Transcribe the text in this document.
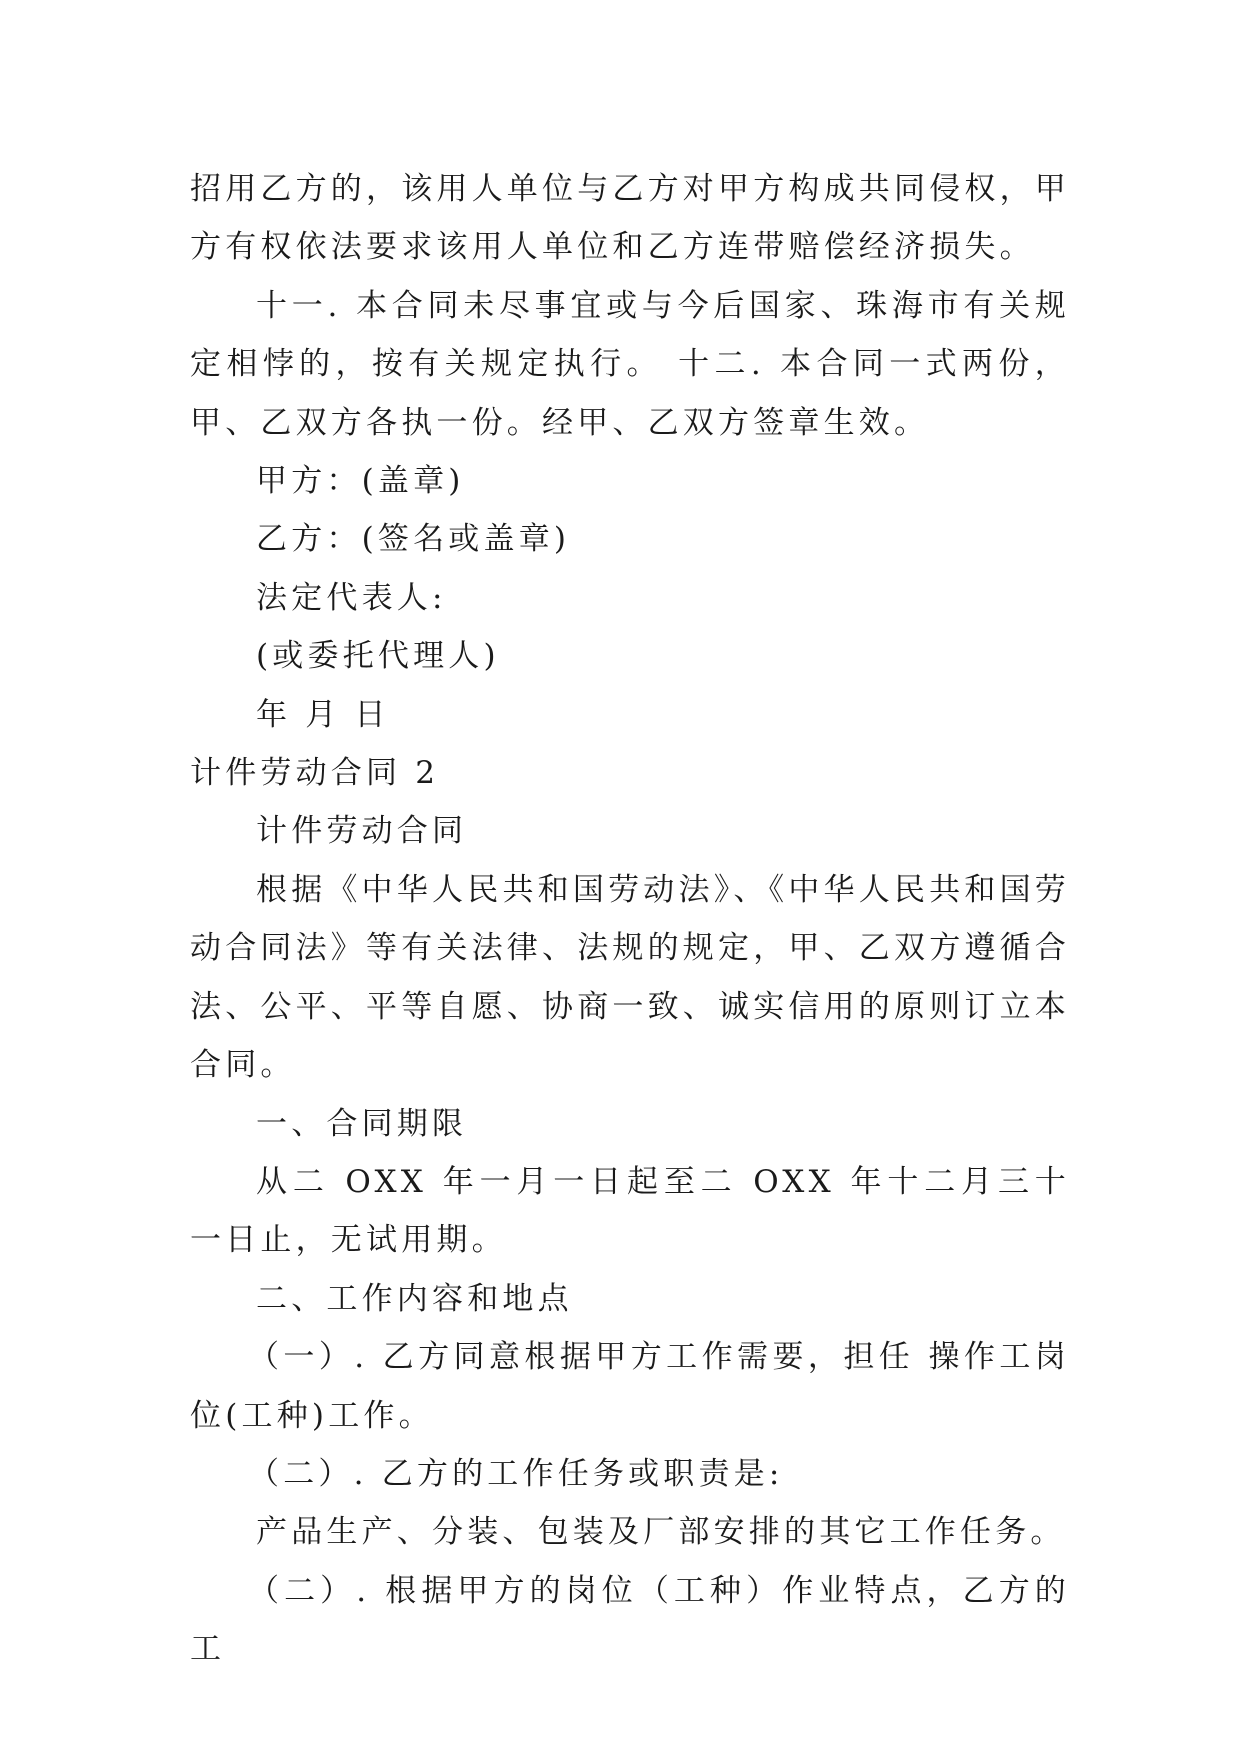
招用乙方的，该用人单位与乙方对甲方构成共同侵权，甲方有权依法要求该用人单位和乙方连带赔偿经济损失。

十一. 本合同未尽事宜或与今后国家、珠海市有关规定相悖的，按有关规定执行。 十二. 本合同一式两份，甲、乙双方各执一份。经甲、乙双方签章生效。

甲方：(盖章)

乙方：(签名或盖章)

法定代表人:

(或委托代理人)

年 月 日

计件劳动合同 2

计件劳动合同

根据《中华人民共和国劳动法》、《中华人民共和国劳动合同法》等有关法律、法规的规定，甲、乙双方遵循合法、公平、平等自愿、协商一致、诚实信用的原则订立本合同。

一、合同期限

从二 OXX 年一月一日起至二 OXX 年十二月三十一日止，无试用期。

二、工作内容和地点

（一）. 乙方同意根据甲方工作需要，担任 操作工岗位(工种)工作。

（二）. 乙方的工作任务或职责是:

产品生产、分装、包装及厂部安排的其它工作任务。

（二）. 根据甲方的岗位（工种）作业特点，乙方的工
